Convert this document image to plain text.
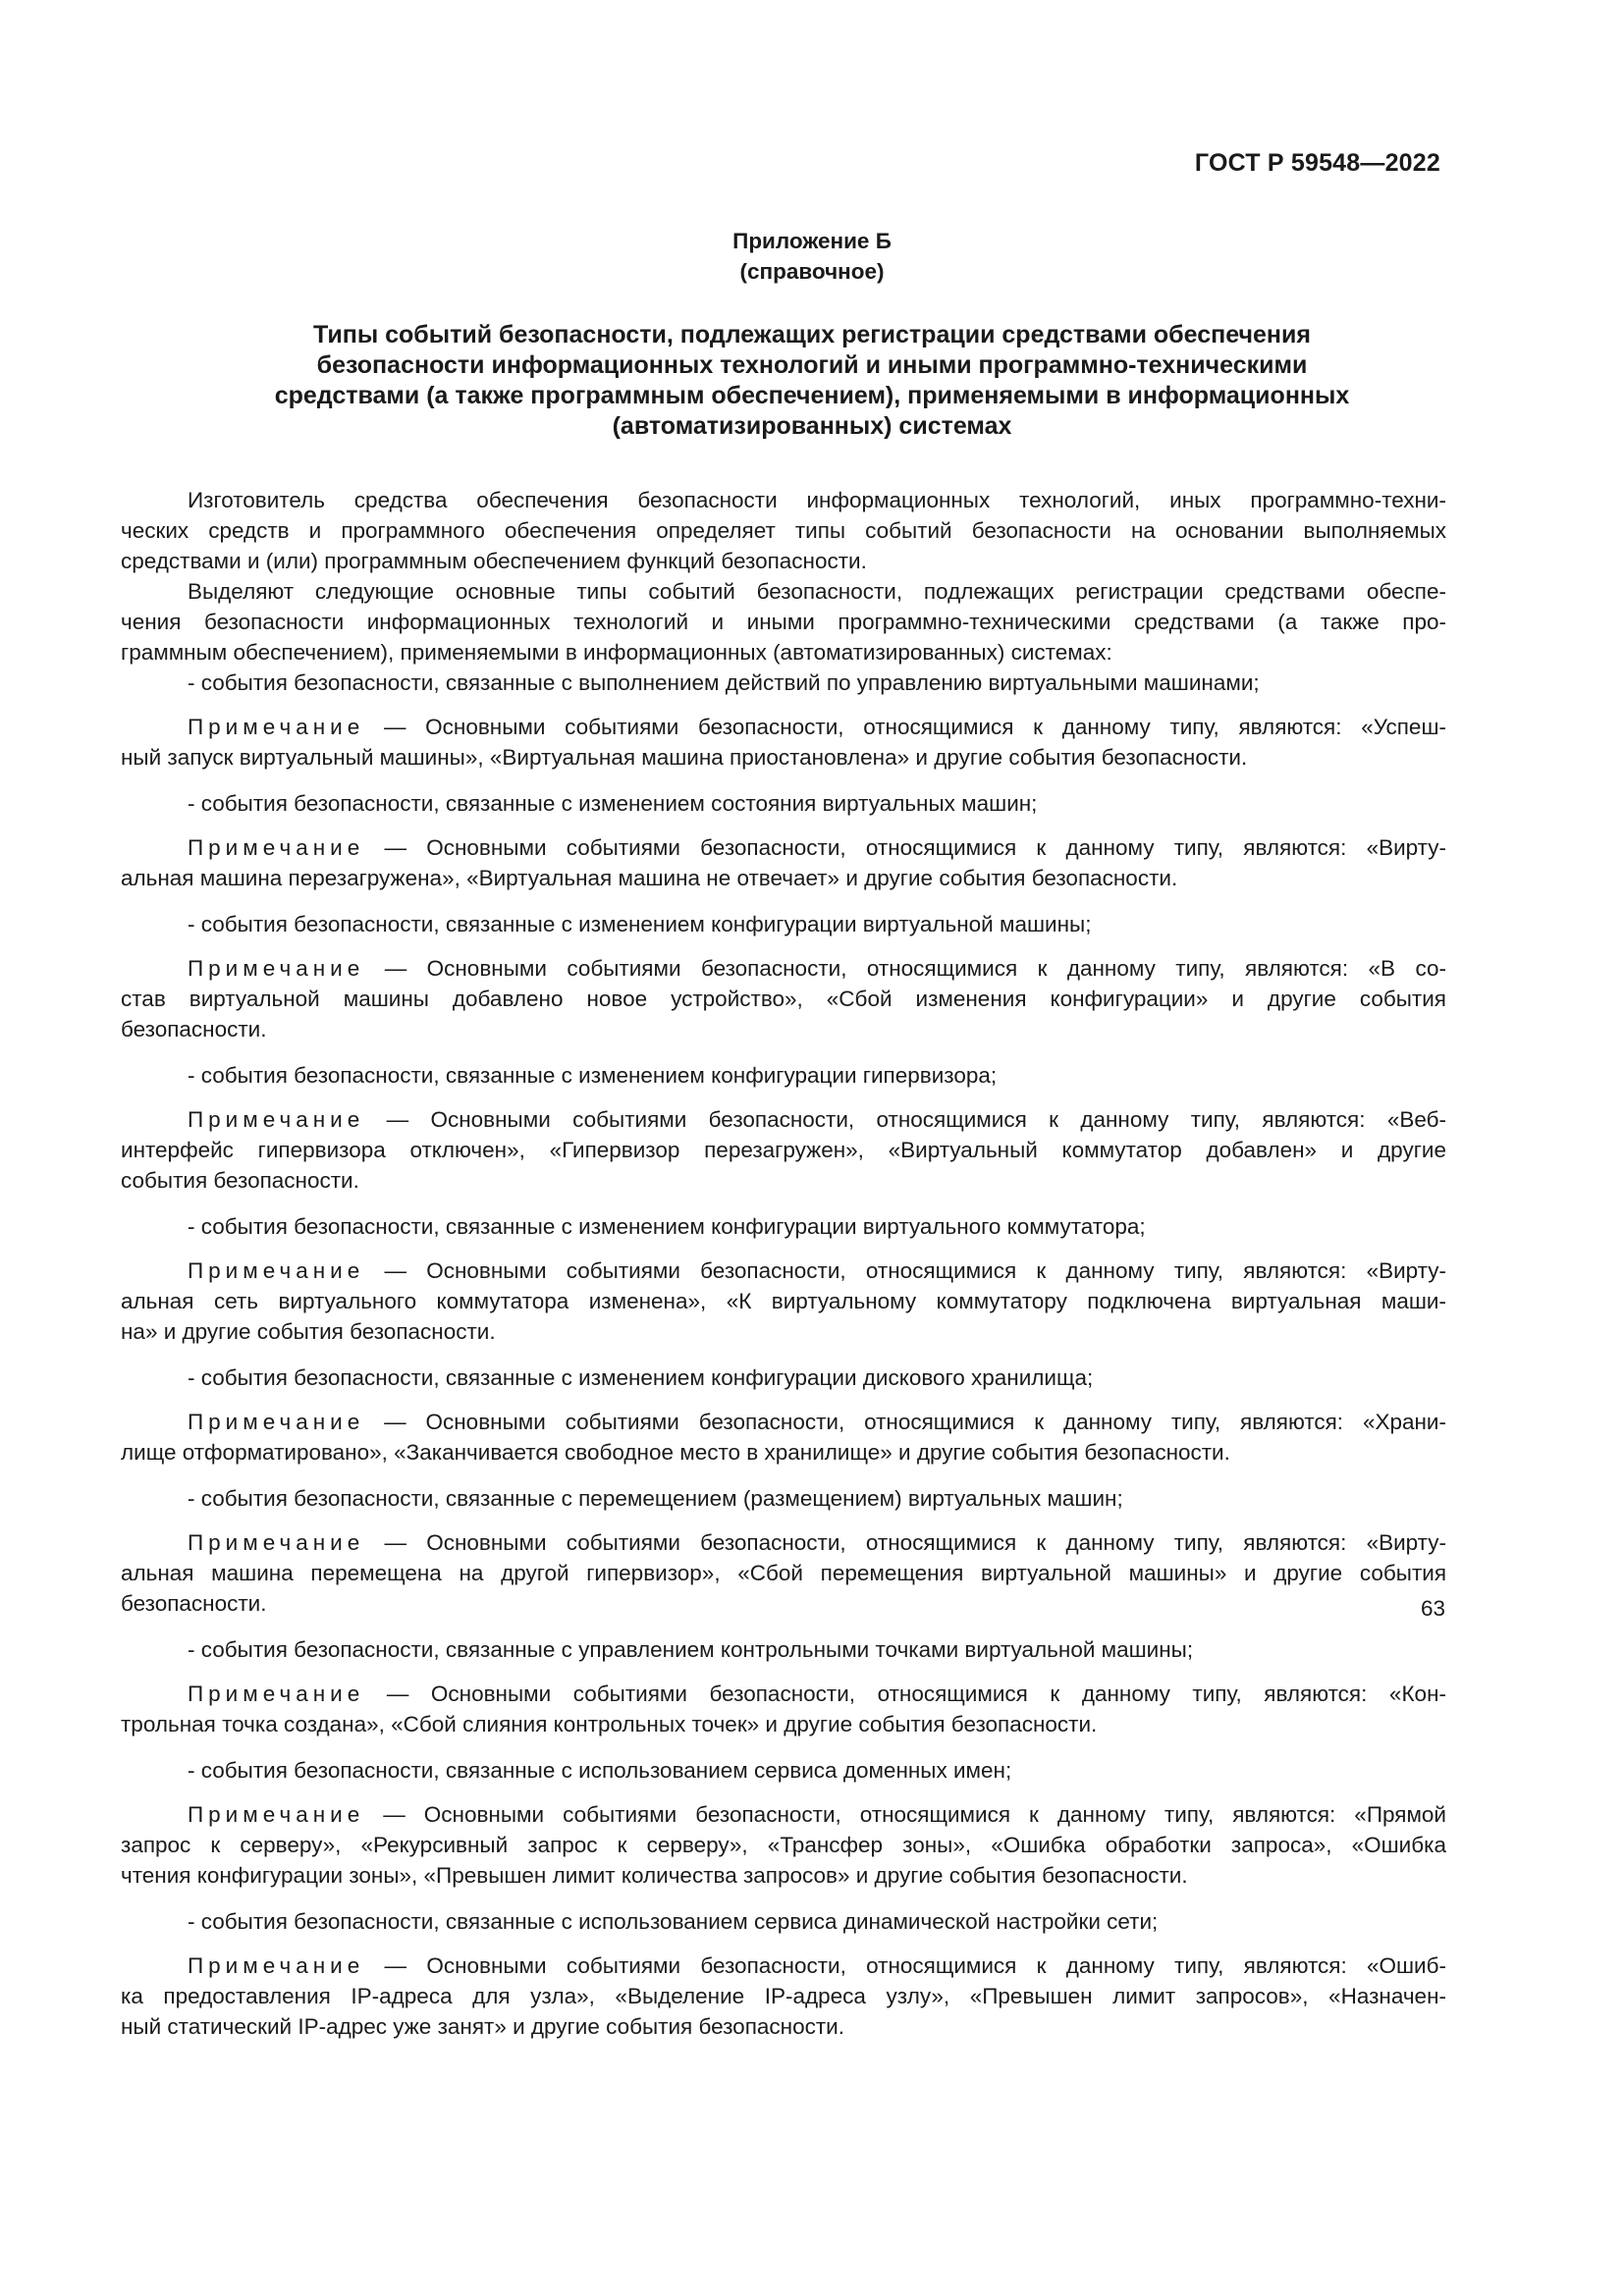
ГОСТ Р 59548—2022
Приложение Б
(справочное)
Типы событий безопасности, подлежащих регистрации средствами обеспечения
безопасности информационных технологий и иными программно-техническими
средствами (а также программным обеспечением), применяемыми в информационных
(автоматизированных) системах
Изготовитель средства обеспечения безопасности информационных технологий, иных программно-техни-
ческих средств и программного обеспечения определяет типы событий безопасности на основании выполняемых
средствами и (или) программным обеспечением функций безопасности.
Выделяют следующие основные типы событий безопасности, подлежащих регистрации средствами обеспе-
чения безопасности информационных технологий и иными программно-техническими средствами (а также про-
граммным обеспечением), применяемыми в информационных (автоматизированных) системах:
- события безопасности, связанные с выполнением действий по управлению виртуальными машинами;
Примечание — Основными событиями безопасности, относящимися к данному типу, являются: «Успеш-
ный запуск виртуальный машины», «Виртуальная машина приостановлена» и другие события безопасности.
- события безопасности, связанные с изменением состояния виртуальных машин;
Примечание — Основными событиями безопасности, относящимися к данному типу, являются: «Вирту-
альная машина перезагружена», «Виртуальная машина не отвечает» и другие события безопасности.
- события безопасности, связанные с изменением конфигурации виртуальной машины;
Примечание — Основными событиями безопасности, относящимися к данному типу, являются: «В со-
став виртуальной машины добавлено новое устройство», «Сбой изменения конфигурации» и другие события
безопасности.
- события безопасности, связанные с изменением конфигурации гипервизора;
Примечание — Основными событиями безопасности, относящимися к данному типу, являются: «Веб-
интерфейс гипервизора отключен», «Гипервизор перезагружен», «Виртуальный коммутатор добавлен» и другие
события безопасности.
- события безопасности, связанные с изменением конфигурации виртуального коммутатора;
Примечание — Основными событиями безопасности, относящимися к данному типу, являются: «Вирту-
альная сеть виртуального коммутатора изменена», «К виртуальному коммутатору подключена виртуальная маши-
на» и другие события безопасности.
- события безопасности, связанные с изменением конфигурации дискового хранилища;
Примечание — Основными событиями безопасности, относящимися к данному типу, являются: «Хрaни-
лище отформатировано», «Заканчивается свободное место в хранилище» и другие события безопасности.
- события безопасности, связанные с перемещением (размещением) виртуальных машин;
Примечание — Основными событиями безопасности, относящимися к данному типу, являются: «Вирту-
альная машина перемещена на другой гипервизор», «Сбой перемещения виртуальной машины» и другие события
безопасности.
- события безопасности, связанные с управлением контрольными точками виртуальной машины;
Примечание — Основными событиями безопасности, относящимися к данному типу, являются: «Кон-
трольная точка создана», «Сбой слияния контрольных точек» и другие события безопасности.
- события безопасности, связанные с использованием сервиса доменных имен;
Примечание — Основными событиями безопасности, относящимися к данному типу, являются: «Прямой
запрос к серверу», «Рекурсивный запрос к серверу», «Трансфер зоны», «Ошибка обработки запроса», «Ошибка
чтения конфигурации зоны», «Превышен лимит количества запросов» и другие события безопасности.
- события безопасности, связанные с использованием сервиса динамической настройки сети;
Примечание — Основными событиями безопасности, относящимися к данному типу, являются: «Ошиб-
ка предоставления IP-адреса для узла», «Выделение IP-адреса узлу», «Превышен лимит запросов», «Назначен-
ный статический IP-адрес уже занят» и другие события безопасности.
63
